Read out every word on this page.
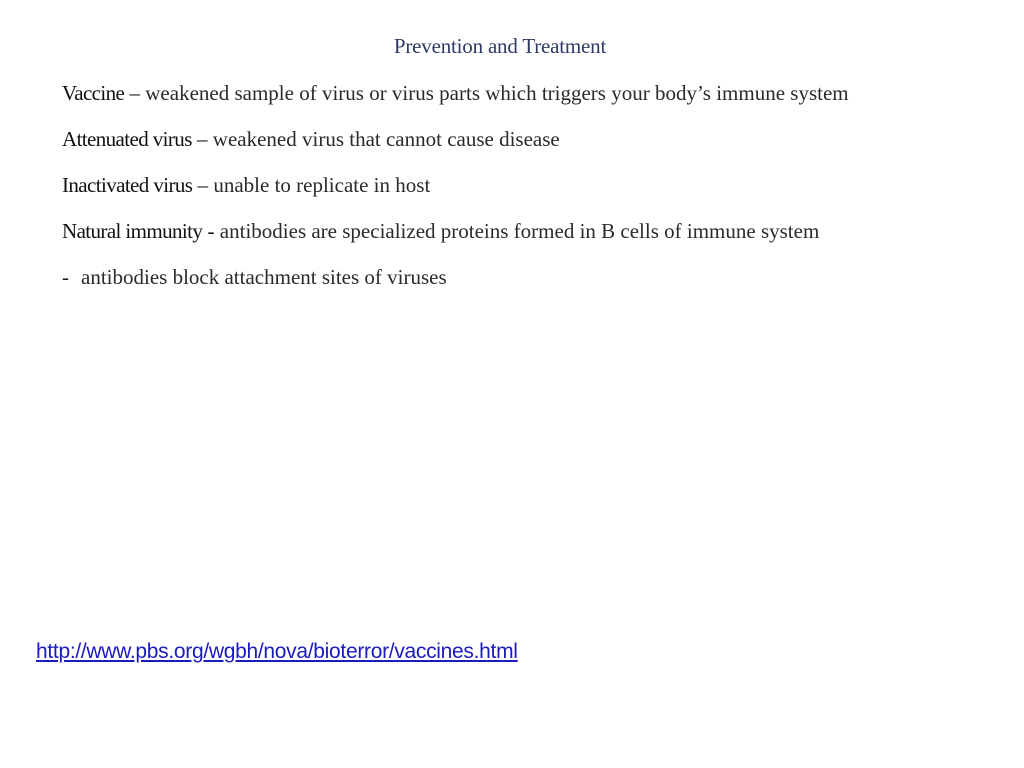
Prevention and Treatment

Vaccine – weakened sample of virus or virus parts which triggers your body’s immune system

Attenuated virus – weakened virus that cannot cause disease

Inactivated virus – unable to replicate in host

Natural immunity - antibodies are specialized proteins formed in B cells of immune system

- antibodies block attachment sites of viruses

http://www.pbs.org/wgbh/nova/bioterror/vaccines.html
